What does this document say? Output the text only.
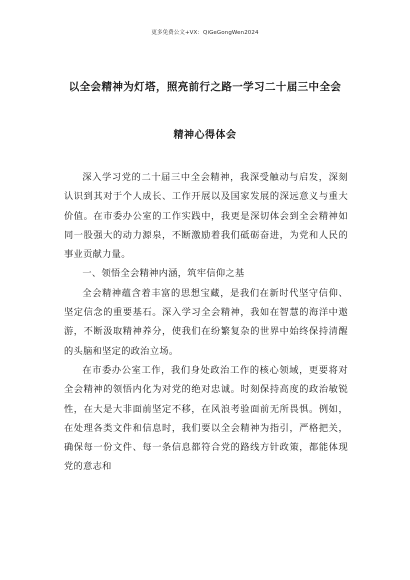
更多免费公文+VX：QiGeGongWen2024
以全会精神为灯塔，照亮前行之路一学习二十届三中全会
精神心得体会

深入学习党的二十届三中全会精神，我深受触动与启发，深刻认识到其对于个人成长、工作开展以及国家发展的深远意义与重大价值。在市委办公室的工作实践中，我更是深切体会到全会精神如同一股强大的动力源泉，不断激励着我们砥砺奋进，为党和人民的事业贡献力量。

一、领悟全会精神内涵，筑牢信仰之基

全会精神蕴含着丰富的思想宝藏，是我们在新时代坚守信仰、坚定信念的重要基石。深入学习全会精神，我如在智慧的海洋中遨游，不断汲取精神养分，使我们在纷繁复杂的世界中始终保持清醒的头脑和坚定的政治立场。

在市委办公室工作，我们身处政治工作的核心领域，更要将对全会精神的领悟内化为对党的绝对忠诚。时刻保持高度的政治敏锐性，在大是大非面前坚定不移，在风浪考验面前无所畏惧。例如，在处理各类文件和信息时，我们要以全会精神为指引，严格把关，确保每一份文件、每一条信息都符合党的路线方针政策，都能体现党的意志和
